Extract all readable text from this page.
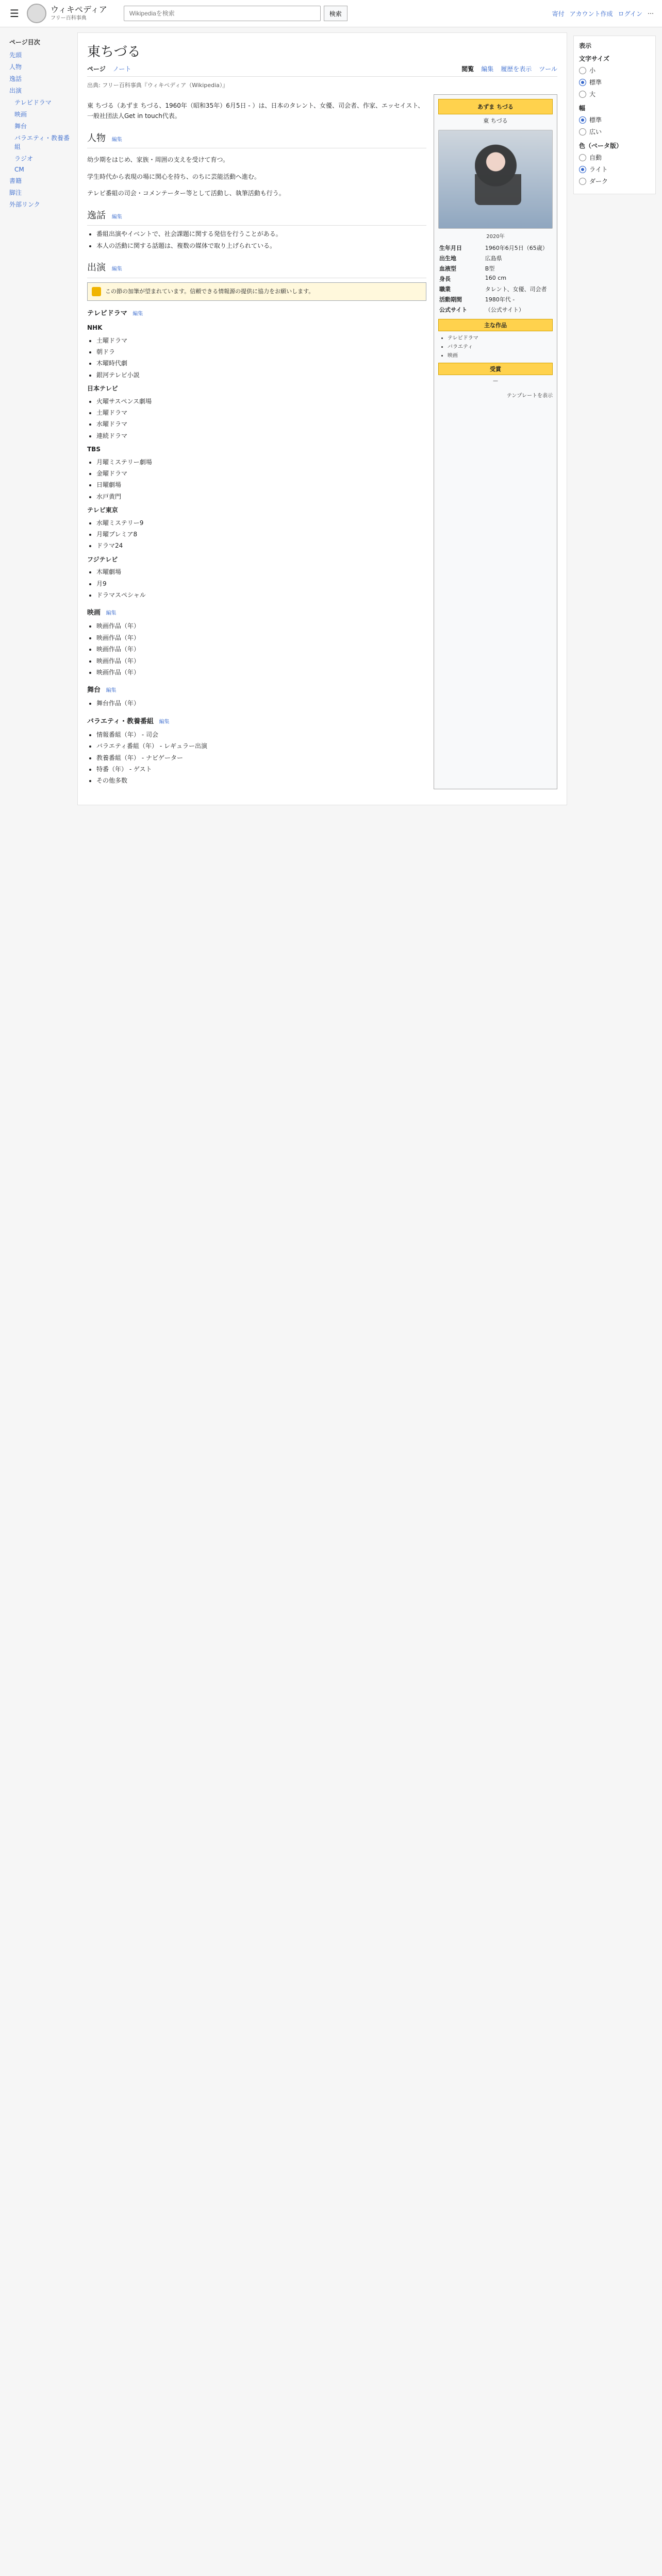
☰	ウィキペディア
フリー百科事典
Wikipediaを検索
検索	寄付 アカウント作成 ログイン ⋯
ページ目次
先頭
人物
逸話
出演
テレビドラマ
映画
舞台
バラエティ・教養番組
ラジオ
CM
書籍
脚注
外部リンク
東ちづる
ページ ノート	閲覧 編集 履歴を表示 ツール
出典: フリー百科事典『ウィキペディア（Wikipedia）』

東 ちづる（あずま ちづる、1960年（昭和35年）6月5日 - ）は、日本のタレント、女優、司会者、作家、エッセイスト、一般社団法人Get in touch代表。

人物 編集

幼少期をはじめ、家族・周囲の支えを受けて育つ。

学生時代から表現の場に関心を持ち、のちに芸能活動へ進む。

テレビ番組の司会・コメンテーター等として活動し、執筆活動も行う。

逸話 編集
• 番組出演やイベントで、社会課題に関する発信を行うことがある。
• 本人の活動に関する話題は、複数の媒体で取り上げられている。
出演 編集
この節の加筆が望まれています。信頼できる情報源の提供に協力をお願いします。
テレビドラマ 編集
NHK
• 土曜ドラマ
• 朝ドラ
• 木曜時代劇
• 銀河テレビ小説
日本テレビ
• 火曜サスペンス劇場
• 土曜ドラマ
• 水曜ドラマ
• 連続ドラマ
TBS
• 月曜ミステリー劇場
• 金曜ドラマ
• 日曜劇場
• 水戸黄門
テレビ東京
• 水曜ミステリー9
• 月曜プレミア8
• ドラマ24
フジテレビ
• 木曜劇場
• 月9
• ドラマスペシャル
映画 編集
• 映画作品（年）
• 映画作品（年）
• 映画作品（年）
• 映画作品（年）
• 映画作品（年）
舞台 編集
• 舞台作品（年）
バラエティ・教養番組 編集
• 情報番組（年） - 司会
• バラエティ番組（年） - レギュラー出演
• 教養番組（年） - ナビゲーター
• 特番（年） - ゲスト
• その他多数
あずま ちづる
東 ちづる
2020年
生年月日	1960年6月5日（65歳）
出生地	広島県
血液型	B型
身長	160 cm
職業	タレント、女優、司会者
活動期間	1980年代 -
公式サイト	（公式サイト）
主な作品
• テレビドラマ
• バラエティ
• 映画
受賞
—
テンプレートを表示
表示
文字サイズ
小
標準
大
幅
標準
広い
色（ベータ版）
自動
ライト
ダーク
